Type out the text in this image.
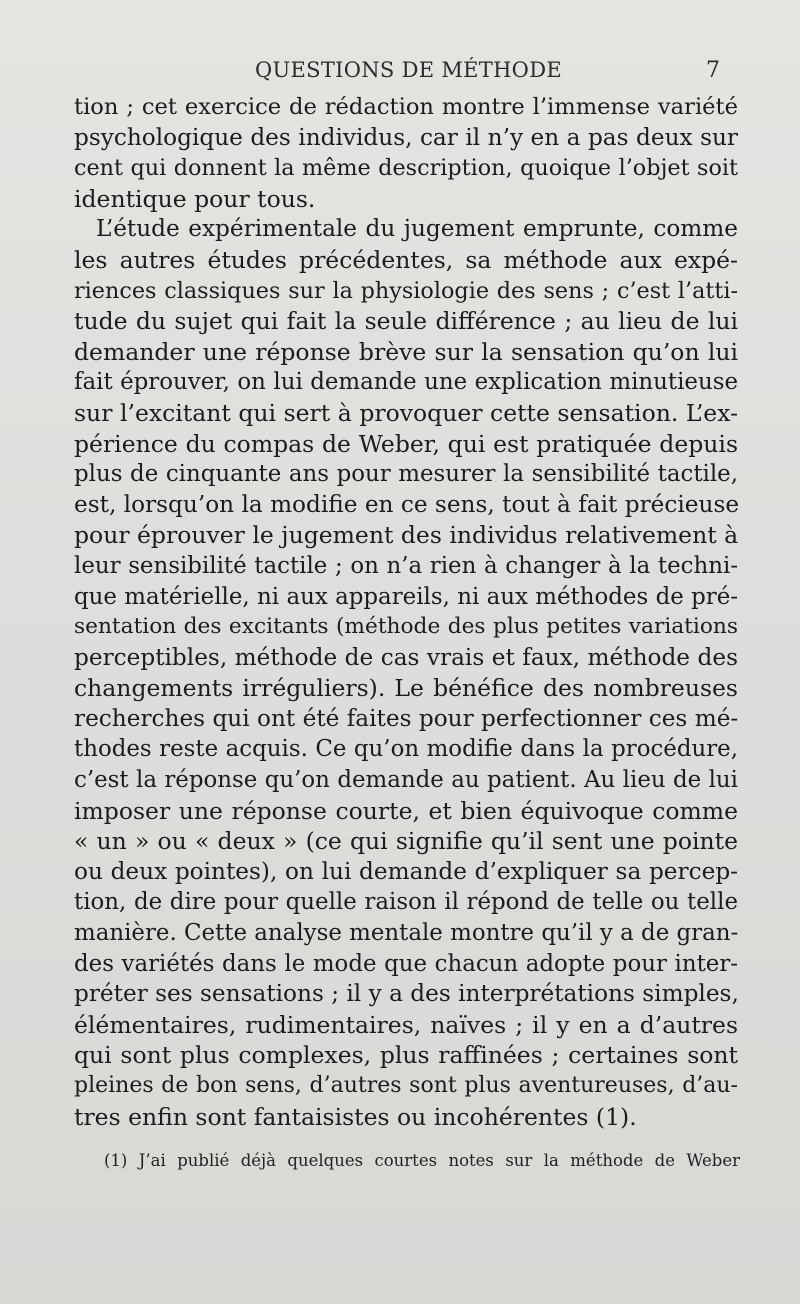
QUESTIONS DE MÉTHODE	7
tion ; cet exercice de rédaction montre l’immense variété
psychologique des individus, car il n’y en a pas deux sur
cent qui donnent la même description, quoique l’objet soit
identique pour tous.
L’étude expérimentale du jugement emprunte, comme
les autres études précédentes, sa méthode aux expé-
riences classiques sur la physiologie des sens ; c’est l’atti-
tude du sujet qui fait la seule différence ; au lieu de lui
demander une réponse brève sur la sensation qu’on lui
fait éprouver, on lui demande une explication minutieuse
sur l’excitant qui sert à provoquer cette sensation. L’ex-
périence du compas de Weber, qui est pratiquée depuis
plus de cinquante ans pour mesurer la sensibilité tactile,
est, lorsqu’on la modifie en ce sens, tout à fait précieuse
pour éprouver le jugement des individus relativement à
leur sensibilité tactile ; on n’a rien à changer à la techni-
que matérielle, ni aux appareils, ni aux méthodes de pré-
sentation des excitants (méthode des plus petites variations
perceptibles, méthode de cas vrais et faux, méthode des
changements irréguliers). Le bénéfice des nombreuses
recherches qui ont été faites pour perfectionner ces mé-
thodes reste acquis. Ce qu’on modifie dans la procédure,
c’est la réponse qu’on demande au patient. Au lieu de lui
imposer une réponse courte, et bien équivoque comme
« un » ou « deux » (ce qui signifie qu’il sent une pointe
ou deux pointes), on lui demande d’expliquer sa percep-
tion, de dire pour quelle raison il répond de telle ou telle
manière. Cette analyse mentale montre qu’il y a de gran-
des variétés dans le mode que chacun adopte pour inter-
préter ses sensations ; il y a des interprétations simples,
élémentaires, rudimentaires, naïves ; il y en a d’autres
qui sont plus complexes, plus raffinées ; certaines sont
pleines de bon sens, d’autres sont plus aventureuses, d’au-
tres enfin sont fantaisistes ou incohérentes (1).
(1) J’ai publié déjà quelques courtes notes sur la méthode de Weber
